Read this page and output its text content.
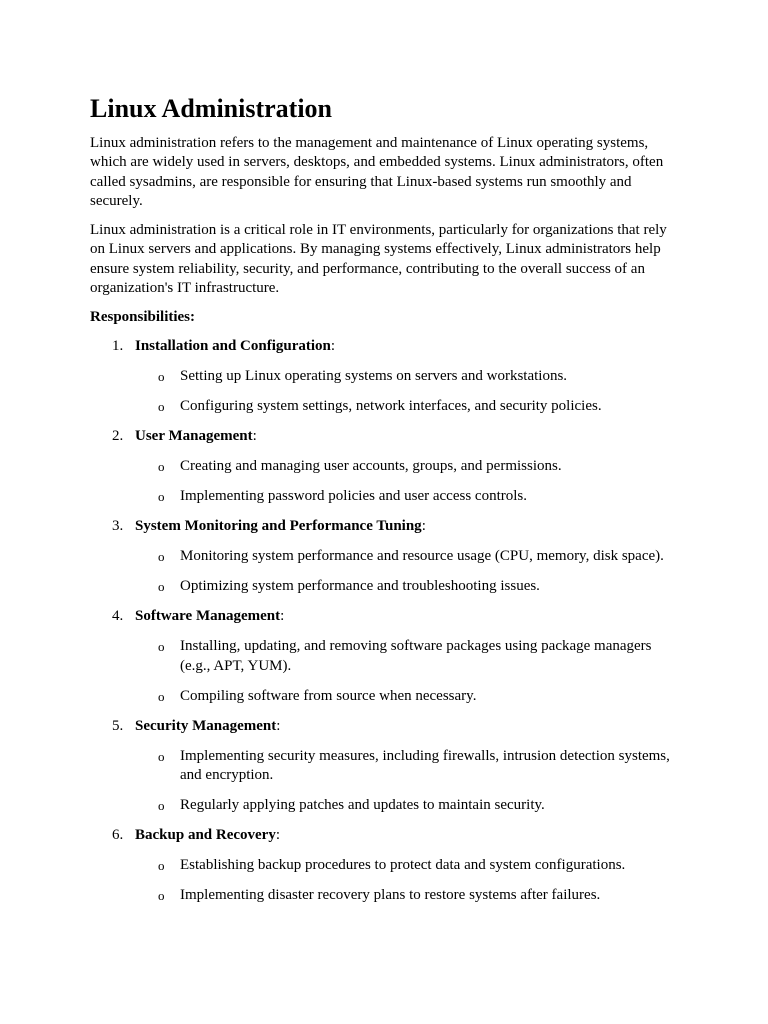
Linux Administration

Linux administration refers to the management and maintenance of Linux operating systems, which are widely used in servers, desktops, and embedded systems. Linux administrators, often called sysadmins, are responsible for ensuring that Linux-based systems run smoothly and securely.

Linux administration is a critical role in IT environments, particularly for organizations that rely on Linux servers and applications. By managing systems effectively, Linux administrators help ensure system reliability, security, and performance, contributing to the overall success of an organization's IT infrastructure.

Responsibilities:

1. Installation and Configuration:
o Setting up Linux operating systems on servers and workstations.
o Configuring system settings, network interfaces, and security policies.
2. User Management:
o Creating and managing user accounts, groups, and permissions.
o Implementing password policies and user access controls.
3. System Monitoring and Performance Tuning:
o Monitoring system performance and resource usage (CPU, memory, disk space).
o Optimizing system performance and troubleshooting issues.
4. Software Management:
o Installing, updating, and removing software packages using package managers (e.g., APT, YUM).
o Compiling software from source when necessary.
5. Security Management:
o Implementing security measures, including firewalls, intrusion detection systems, and encryption.
o Regularly applying patches and updates to maintain security.
6. Backup and Recovery:
o Establishing backup procedures to protect data and system configurations.
o Implementing disaster recovery plans to restore systems after failures.
